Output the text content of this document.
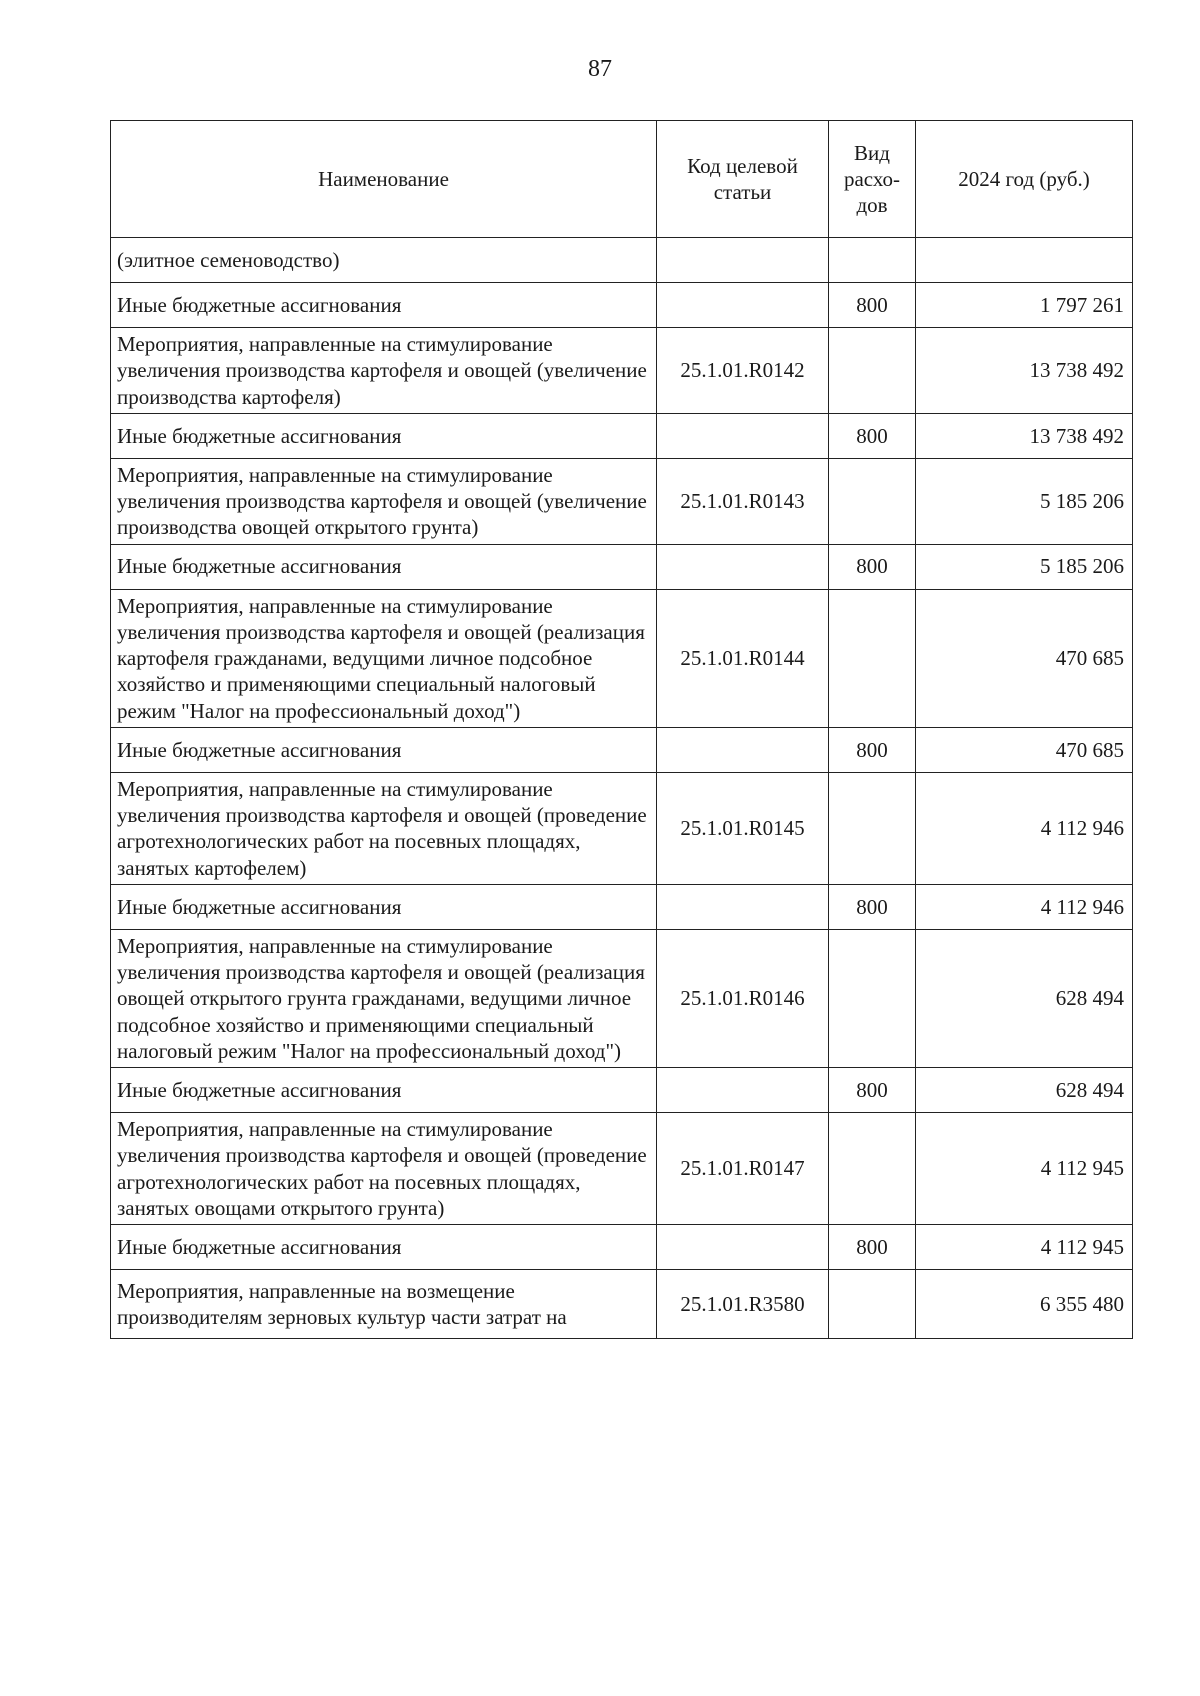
87
Наименование	Код целевой статьи	Вид расхо-дов	2024 год (руб.)
(элитное семеноводство)			
Иные бюджетные ассигнования		800	1 797 261
Мероприятия, направленные на стимулирование увеличения производства картофеля и овощей (увеличение производства картофеля)	25.1.01.R0142		13 738 492
Иные бюджетные ассигнования		800	13 738 492
Мероприятия, направленные на стимулирование увеличения производства картофеля и овощей (увеличение производства овощей открытого грунта)	25.1.01.R0143		5 185 206
Иные бюджетные ассигнования		800	5 185 206
Мероприятия, направленные на стимулирование увеличения производства картофеля и овощей (реализация картофеля гражданами, ведущими личное подсобное хозяйство и применяющими специальный налоговый режим "Налог на профессиональный доход")	25.1.01.R0144		470 685
Иные бюджетные ассигнования		800	470 685
Мероприятия, направленные на стимулирование увеличения производства картофеля и овощей (проведение агротехнологических работ на посевных площадях, занятых картофелем)	25.1.01.R0145		4 112 946
Иные бюджетные ассигнования		800	4 112 946
Мероприятия, направленные на стимулирование увеличения производства картофеля и овощей (реализация овощей открытого грунта гражданами, ведущими личное подсобное хозяйство и применяющими специальный налоговый режим "Налог на профессиональный доход")	25.1.01.R0146		628 494
Иные бюджетные ассигнования		800	628 494
Мероприятия, направленные на стимулирование увеличения производства картофеля и овощей (проведение агротехнологических работ на посевных площадях, занятых овощами открытого грунта)	25.1.01.R0147		4 112 945
Иные бюджетные ассигнования		800	4 112 945
Мероприятия, направленные на возмещение производителям зерновых культур части затрат на	25.1.01.R3580		6 355 480
